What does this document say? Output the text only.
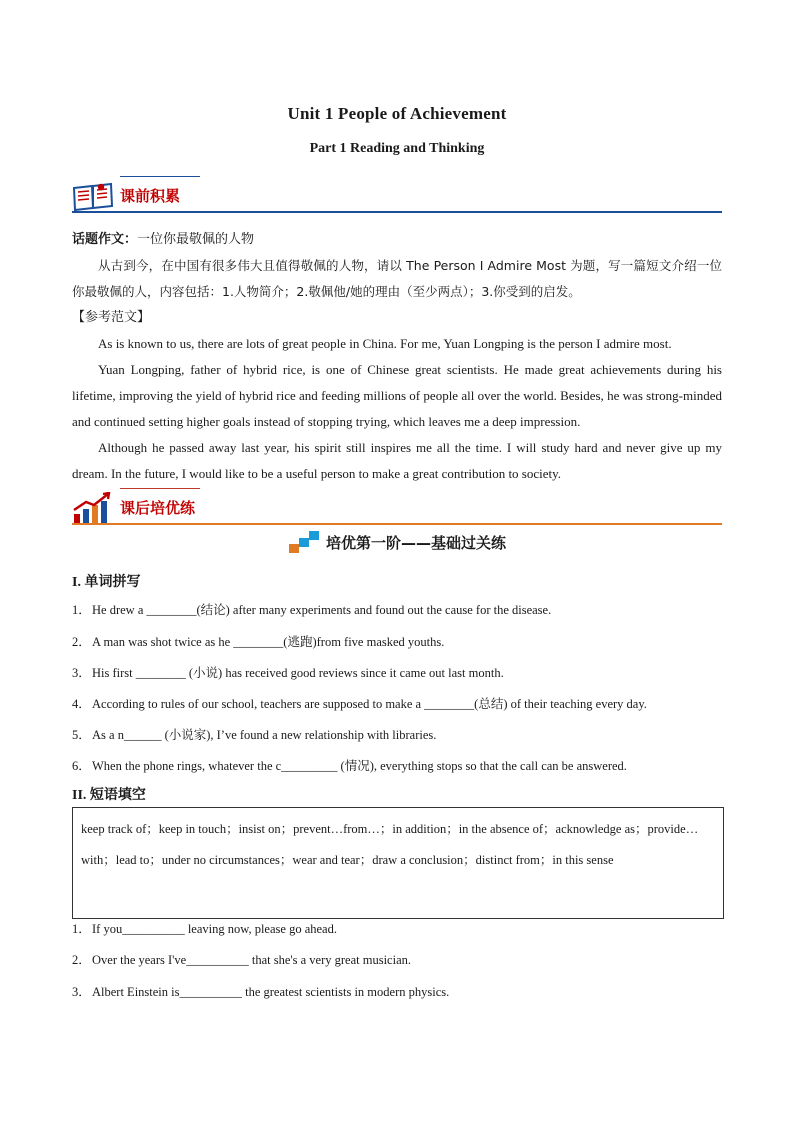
Unit 1 People of Achievement
Part 1 Reading and Thinking
课前积累

话题作文：一位你最敬佩的人物

从古到今，在中国有很多伟大且值得敬佩的人物，请以 The Person I Admire Most 为题，写一篇短文介绍一位你最敬佩的人，内容包括：1.人物简介；2.敬佩他/她的理由（至少两点）；3.你受到的启发。

【参考范文】

As is known to us, there are lots of great people in China. For me, Yuan Longping is the person I admire most.

Yuan Longping, father of hybrid rice, is one of Chinese great scientists. He made great achievements during his lifetime, improving the yield of hybrid rice and feeding millions of people all over the world. Besides, he was strong-minded and continued setting higher goals instead of stopping trying, which leaves me a deep impression.

Although he passed away last year, his spirit still inspires me all the time. I will study hard and never give up my dream. In the future, I would like to be a useful person to make a great contribution to society.

课后培优练
培优第一阶——基础过关练
I. 单词拼写
1．He drew a ________(结论) after many experiments and found out the cause for the disease.
2．A man was shot twice as he ________(逃跑)from five masked youths.
3．His first ________ (小说) has received good reviews since it came out last month.
4．According to rules of our school, teachers are supposed to make a ________(总结) of their teaching every day.
5．As a n______ (小说家), I’ve found a new relationship with libraries.
6．When the phone rings, whatever the c_________ (情况), everything stops so that the call can be answered.
II. 短语填空
keep track of；keep in touch；insist on；prevent…from…；in addition；in the absence of；acknowledge as；provide…with；lead to；under no circumstances；wear and tear；draw a conclusion；distinct from；in this sense
1．If you__________ leaving now, please go ahead.
2．Over the years I've__________ that she's a very great musician.
3．Albert Einstein is__________ the greatest scientists in modern physics.
